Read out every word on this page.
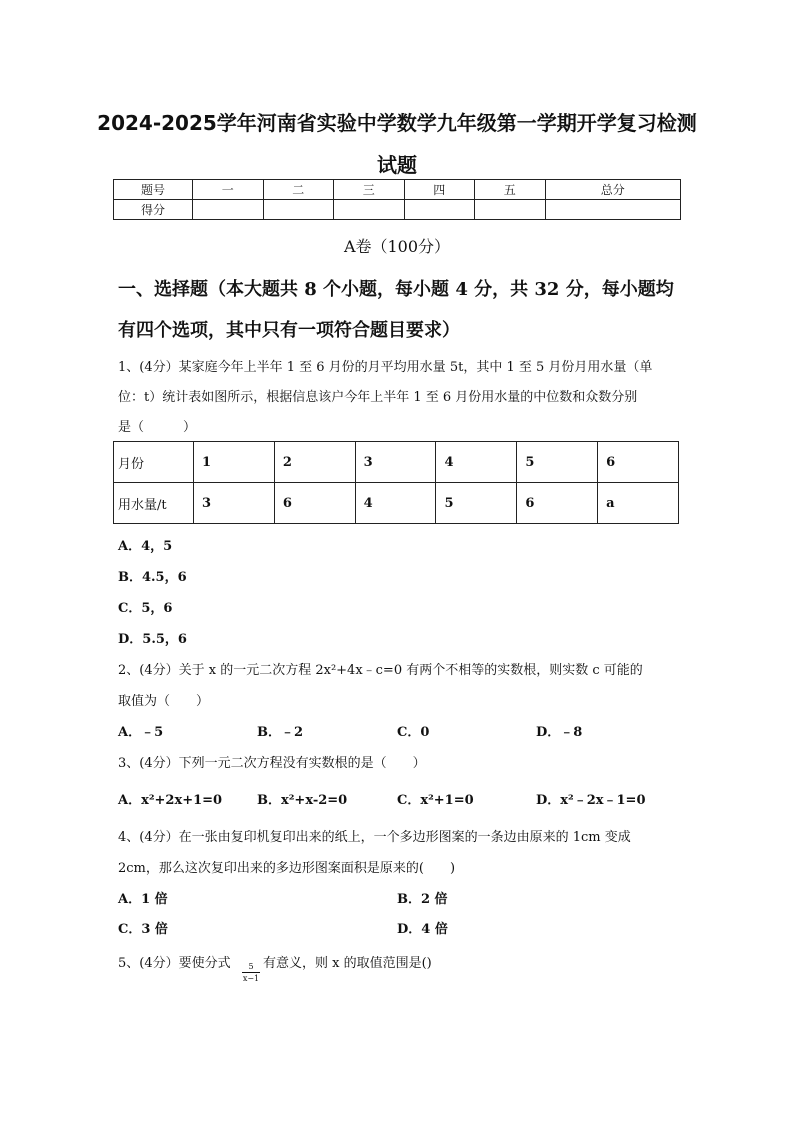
2024-2025学年河南省实验中学数学九年级第一学期开学复习检测
试题
题号	一	二	三	四	五	总分
得分						
A卷（100分）
一、选择题（本大题共 8 个小题，每小题 4 分，共 32 分，每小题均
有四个选项，其中只有一项符合题目要求）
1、(4分）某家庭今年上半年 1 至 6 月份的月平均用水量 5t，其中 1 至 5 月份月用水量（单
位：t）统计表如图所示，根据信息该户今年上半年 1 至 6 月份用水量的中位数和众数分别
是（　　　）
月份	1	2	3	4	5	6
用水量/t	3	6	4	5	6	a
A．4，5
B．4.5，6
C．5，6
D．5.5，6
2、(4分）关于 x 的一元二次方程 2x²+4x﹣c=0 有两个不相等的实数根，则实数 c 可能的
取值为（　　）
A．﹣5	B．﹣2	C．0	D．﹣8
3、(4分）下列一元二次方程没有实数根的是（　　）
A．x²+2x+1=0	B．x²+x-2=0	C．x²+1=0	D．x²﹣2x﹣1=0
4、(4分）在一张由复印机复印出来的纸上，一个多边形图案的一条边由原来的 1cm 变成
2cm，那么这次复印出来的多边形图案面积是原来的(　　)
A．1 倍	B．2 倍
C．3 倍	D．4 倍
5、(4分）要使分式 $\frac{5}{x-1}$ 有意义，则 x 的取值范围是()
